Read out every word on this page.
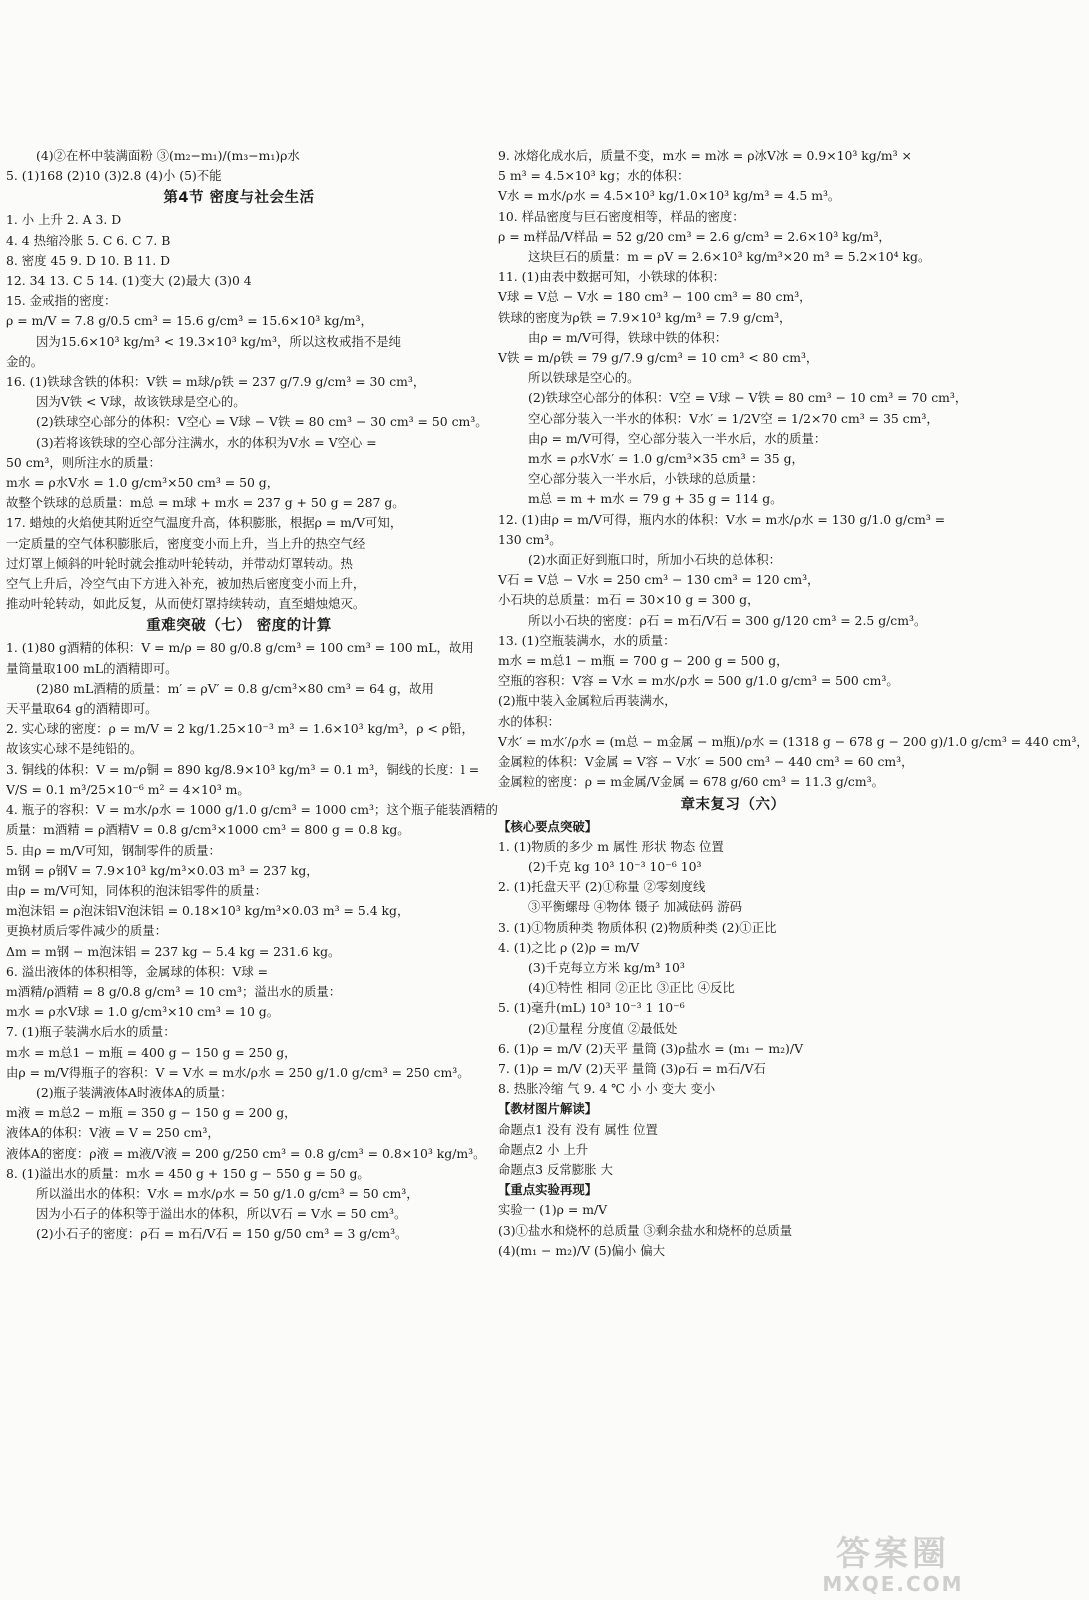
(4)②在杯中装满面粉 ③(m₂−m₁)/(m₃−m₁)ρ水
5. (1)168 (2)10 (3)2.8 (4)小 (5)不能
第4节 密度与社会生活
1. 小 上升 2. A 3. D
4. 4 热缩冷胀 5. C 6. C 7. B
8. 密度 45 9. D 10. B 11. D
12. 34 13. C 5 14. (1)变大 (2)最大 (3)0 4
15. 金戒指的密度：
ρ = m/V = 7.8 g/0.5 cm³ = 15.6 g/cm³ = 15.6×10³ kg/m³，
因为15.6×10³ kg/m³ < 19.3×10³ kg/m³，所以这枚戒指不是纯
金的。
16. (1)铁球含铁的体积：V铁 = m球/ρ铁 = 237 g/7.9 g/cm³ = 30 cm³，
因为V铁 < V球，故该铁球是空心的。
(2)铁球空心部分的体积：V空心 = V球 − V铁 = 80 cm³ − 30 cm³ = 50 cm³。
(3)若将该铁球的空心部分注满水，水的体积为V水 = V空心 =
50 cm³，则所注水的质量：
m水 = ρ水V水 = 1.0 g/cm³×50 cm³ = 50 g，
故整个铁球的总质量：m总 = m球 + m水 = 237 g + 50 g = 287 g。
17. 蜡烛的火焰使其附近空气温度升高，体积膨胀，根据ρ = m/V可知，
一定质量的空气体积膨胀后，密度变小而上升，当上升的热空气经
过灯罩上倾斜的叶轮时就会推动叶轮转动，并带动灯罩转动。热
空气上升后，冷空气由下方进入补充，被加热后密度变小而上升，
推动叶轮转动，如此反复，从而使灯罩持续转动，直至蜡烛熄灭。
重难突破（七） 密度的计算
1. (1)80 g酒精的体积：V = m/ρ = 80 g/0.8 g/cm³ = 100 cm³ = 100 mL，故用
量筒量取100 mL的酒精即可。
(2)80 mL酒精的质量：m′ = ρV′ = 0.8 g/cm³×80 cm³ = 64 g，故用
天平量取64 g的酒精即可。
2. 实心球的密度：ρ = m/V = 2 kg/1.25×10⁻³ m³ = 1.6×10³ kg/m³，ρ < ρ铅，
故该实心球不是纯铅的。
3. 铜线的体积：V = m/ρ铜 = 890 kg/8.9×10³ kg/m³ = 0.1 m³，铜线的长度：l =
V/S = 0.1 m³/25×10⁻⁶ m² = 4×10³ m。
4. 瓶子的容积：V = m水/ρ水 = 1000 g/1.0 g/cm³ = 1000 cm³；这个瓶子能装酒精的
质量：m酒精 = ρ酒精V = 0.8 g/cm³×1000 cm³ = 800 g = 0.8 kg。
5. 由ρ = m/V可知，钢制零件的质量：
m钢 = ρ钢V = 7.9×10³ kg/m³×0.03 m³ = 237 kg，
由ρ = m/V可知，同体积的泡沫铝零件的质量：
m泡沫铝 = ρ泡沫铝V泡沫铝 = 0.18×10³ kg/m³×0.03 m³ = 5.4 kg，
更换材质后零件减少的质量：
Δm = m钢 − m泡沫铝 = 237 kg − 5.4 kg = 231.6 kg。
6. 溢出液体的体积相等，金属球的体积：V球 =
m酒精/ρ酒精 = 8 g/0.8 g/cm³ = 10 cm³；溢出水的质量：
m水 = ρ水V球 = 1.0 g/cm³×10 cm³ = 10 g。
7. (1)瓶子装满水后水的质量：
m水 = m总1 − m瓶 = 400 g − 150 g = 250 g，
由ρ = m/V得瓶子的容积：V = V水 = m水/ρ水 = 250 g/1.0 g/cm³ = 250 cm³。
(2)瓶子装满液体A时液体A的质量：
m液 = m总2 − m瓶 = 350 g − 150 g = 200 g，
液体A的体积：V液 = V = 250 cm³，
液体A的密度：ρ液 = m液/V液 = 200 g/250 cm³ = 0.8 g/cm³ = 0.8×10³ kg/m³。
8. (1)溢出水的质量：m水 = 450 g + 150 g − 550 g = 50 g。
所以溢出水的体积：V水 = m水/ρ水 = 50 g/1.0 g/cm³ = 50 cm³，
因为小石子的体积等于溢出水的体积，所以V石 = V水 = 50 cm³。
(2)小石子的密度：ρ石 = m石/V石 = 150 g/50 cm³ = 3 g/cm³。
9. 冰熔化成水后，质量不变，m水 = m冰 = ρ冰V冰 = 0.9×10³ kg/m³ ×
5 m³ = 4.5×10³ kg；水的体积：
V水 = m水/ρ水 = 4.5×10³ kg/1.0×10³ kg/m³ = 4.5 m³。
10. 样品密度与巨石密度相等，样品的密度：
ρ = m样品/V样品 = 52 g/20 cm³ = 2.6 g/cm³ = 2.6×10³ kg/m³，
这块巨石的质量：m = ρV = 2.6×10³ kg/m³×20 m³ = 5.2×10⁴ kg。
11. (1)由表中数据可知，小铁球的体积：
V球 = V总 − V水 = 180 cm³ − 100 cm³ = 80 cm³，
铁球的密度为ρ铁 = 7.9×10³ kg/m³ = 7.9 g/cm³，
由ρ = m/V可得，铁球中铁的体积：
V铁 = m/ρ铁 = 79 g/7.9 g/cm³ = 10 cm³ < 80 cm³，
所以铁球是空心的。
(2)铁球空心部分的体积：V空 = V球 − V铁 = 80 cm³ − 10 cm³ = 70 cm³，
空心部分装入一半水的体积：V水′ = 1/2V空 = 1/2×70 cm³ = 35 cm³，
由ρ = m/V可得，空心部分装入一半水后，水的质量：
m水 = ρ水V水′ = 1.0 g/cm³×35 cm³ = 35 g，
空心部分装入一半水后，小铁球的总质量：
m总 = m + m水 = 79 g + 35 g = 114 g。
12. (1)由ρ = m/V可得，瓶内水的体积：V水 = m水/ρ水 = 130 g/1.0 g/cm³ =
130 cm³。
(2)水面正好到瓶口时，所加小石块的总体积：
V石 = V总 − V水 = 250 cm³ − 130 cm³ = 120 cm³，
小石块的总质量：m石 = 30×10 g = 300 g，
所以小石块的密度：ρ石 = m石/V石 = 300 g/120 cm³ = 2.5 g/cm³。
13. (1)空瓶装满水，水的质量：
m水 = m总1 − m瓶 = 700 g − 200 g = 500 g，
空瓶的容积：V容 = V水 = m水/ρ水 = 500 g/1.0 g/cm³ = 500 cm³。
(2)瓶中装入金属粒后再装满水，
水的体积：
V水′ = m水′/ρ水 = (m总 − m金属 − m瓶)/ρ水 = (1318 g − 678 g − 200 g)/1.0 g/cm³ = 440 cm³，
金属粒的体积：V金属 = V容 − V水′ = 500 cm³ − 440 cm³ = 60 cm³，
金属粒的密度：ρ = m金属/V金属 = 678 g/60 cm³ = 11.3 g/cm³。
章末复习（六）
【核心要点突破】
1. (1)物质的多少 m 属性 形状 物态 位置
(2)千克 kg 10³ 10⁻³ 10⁻⁶ 10³
2. (1)托盘天平 (2)①称量 ②零刻度线
③平衡螺母 ④物体 镊子 加减砝码 游码
3. (1)①物质种类 物质体积 (2)物质种类 (2)①正比
4. (1)之比 ρ (2)ρ = m/V
(3)千克每立方米 kg/m³ 10³
(4)①特性 相同 ②正比 ③正比 ④反比
5. (1)毫升(mL) 10³ 10⁻³ 1 10⁻⁶
(2)①量程 分度值 ②最低处
6. (1)ρ = m/V (2)天平 量筒 (3)ρ盐水 = (m₁ − m₂)/V
7. (1)ρ = m/V (2)天平 量筒 (3)ρ石 = m石/V石
8. 热胀冷缩 气 9. 4 ℃ 小 小 变大 变小
【教材图片解读】
命题点1 没有 没有 属性 位置
命题点2 小 上升
命题点3 反常膨胀 大
【重点实验再现】
实验一 (1)ρ = m/V
(3)①盐水和烧杯的总质量 ③剩余盐水和烧杯的总质量
(4)(m₁ − m₂)/V (5)偏小 偏大
答案圈
MXQE.COM
